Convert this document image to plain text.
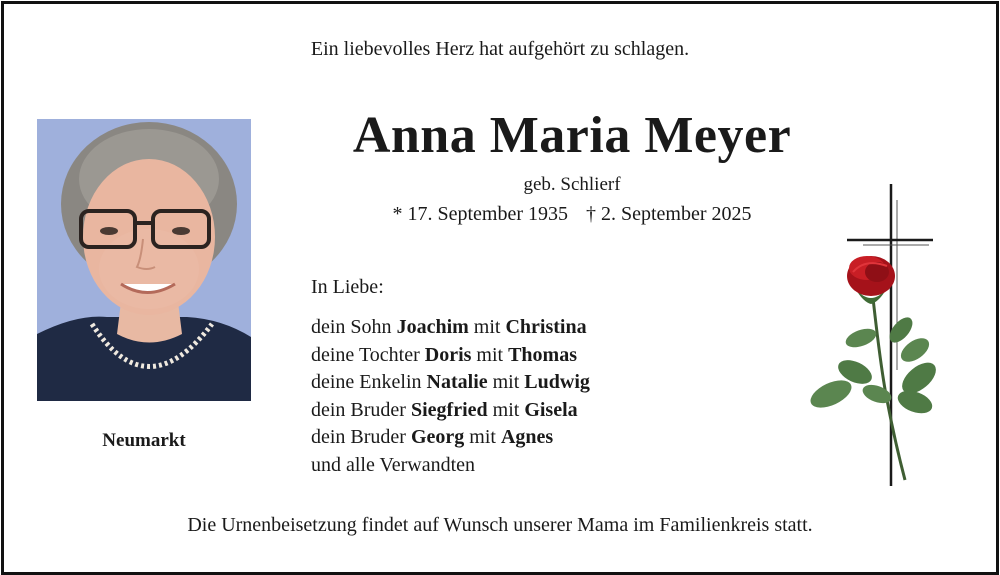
Ein liebevolles Herz hat aufgehört zu schlagen.
Anna Maria Meyer
geb. Schlierf
* 17. September 1935 † 2. September 2025
Neumarkt
In Liebe:
dein Sohn Joachim mit Christina
deine Tochter Doris mit Thomas
deine Enkelin Natalie mit Ludwig
dein Bruder Siegfried mit Gisela
dein Bruder Georg mit Agnes
und alle Verwandten
Die Urnenbeisetzung findet auf Wunsch unserer Mama im Familienkreis statt.
